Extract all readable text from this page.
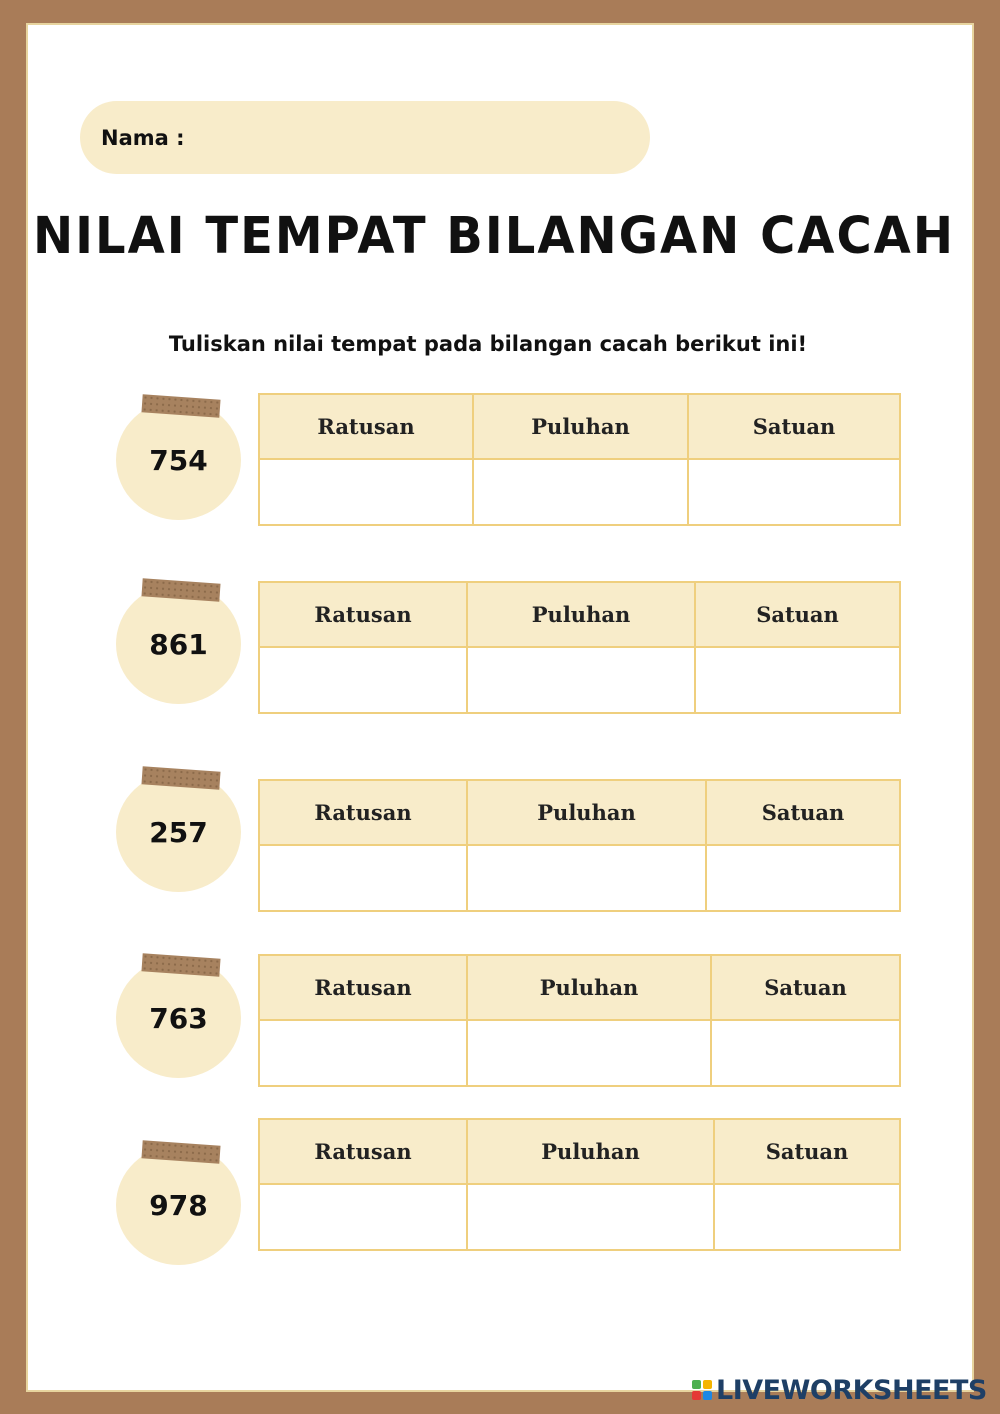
Nama :
NILAI TEMPAT BILANGAN CACAH
Tuliskan nilai tempat pada bilangan cacah berikut ini!
754
Ratusan	Puluhan	Satuan

861
Ratusan	Puluhan	Satuan

257
Ratusan	Puluhan	Satuan

763
Ratusan	Puluhan	Satuan

978
Ratusan	Puluhan	Satuan

LIVEWORKSHEETS
